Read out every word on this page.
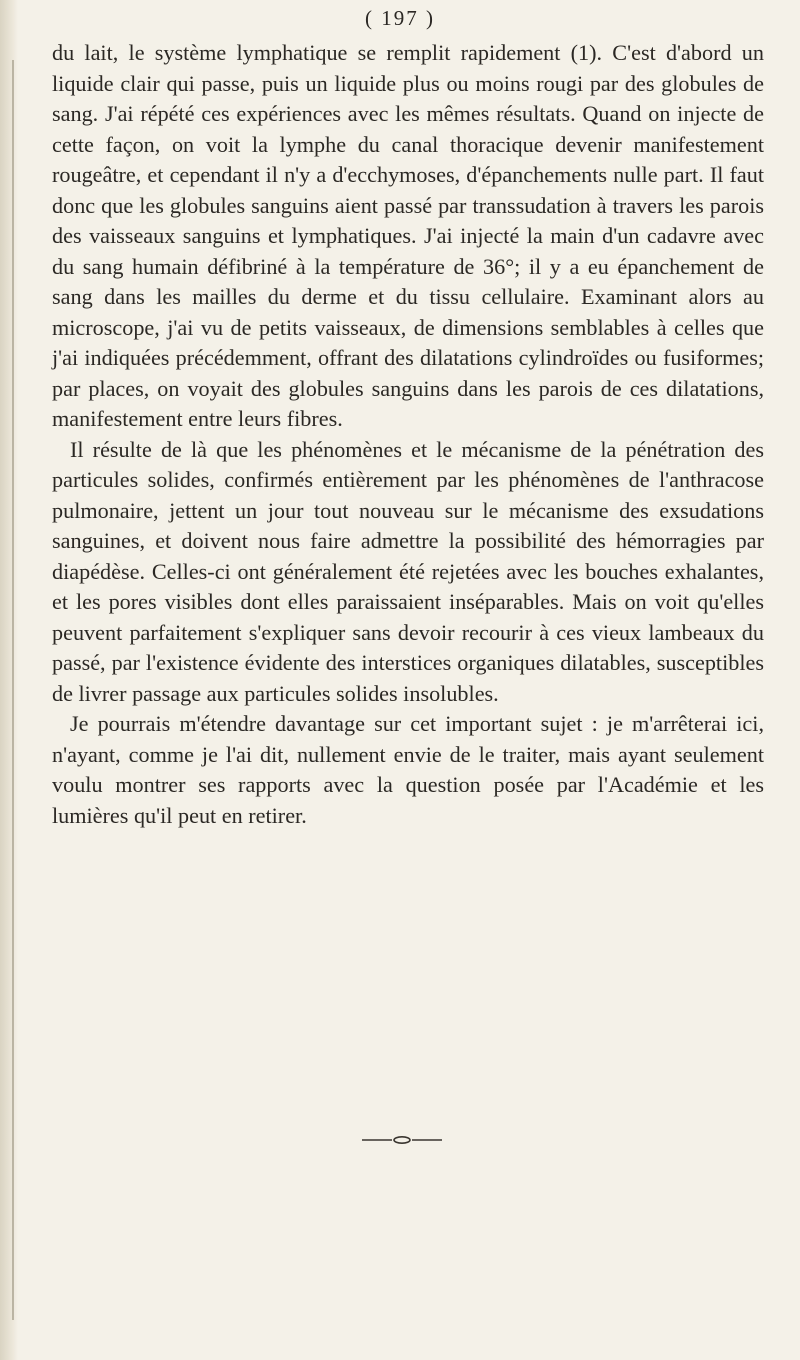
( 197 )

du lait, le système lymphatique se remplit rapidement (1). C'est d'abord un liquide clair qui passe, puis un liquide plus ou moins rougi par des globules de sang. J'ai répété ces expériences avec les mêmes résultats. Quand on injecte de cette façon, on voit la lymphe du canal thoracique devenir manifestement rougeâtre, et cependant il n'y a d'ecchymoses, d'épanchements nulle part. Il faut donc que les globules sanguins aient passé par transsudation à travers les parois des vaisseaux sanguins et lymphatiques. J'ai injecté la main d'un cadavre avec du sang humain défibriné à la température de 36°; il y a eu épanchement de sang dans les mailles du derme et du tissu cellulaire. Examinant alors au microscope, j'ai vu de petits vaisseaux, de dimensions semblables à celles que j'ai indiquées précédemment, offrant des dilatations cylindroïdes ou fusiformes; par places, on voyait des globules sanguins dans les parois de ces dilatations, manifestement entre leurs fibres.

Il résulte de là que les phénomènes et le mécanisme de la pénétration des particules solides, confirmés entièrement par les phénomènes de l'anthracose pulmonaire, jettent un jour tout nouveau sur le mécanisme des exsudations sanguines, et doivent nous faire admettre la possibilité des hémorragies par diapédèse. Celles-ci ont généralement été rejetées avec les bouches exhalantes, et les pores visibles dont elles paraissaient inséparables. Mais on voit qu'elles peuvent parfaitement s'expliquer sans devoir recourir à ces vieux lambeaux du passé, par l'existence évidente des interstices organiques dilatables, susceptibles de livrer passage aux particules solides insolubles.

Je pourrais m'étendre davantage sur cet important sujet : je m'arrêterai ici, n'ayant, comme je l'ai dit, nullement envie de le traiter, mais ayant seulement voulu montrer ses rapports avec la question posée par l'Académie et les lumières qu'il peut en retirer.
